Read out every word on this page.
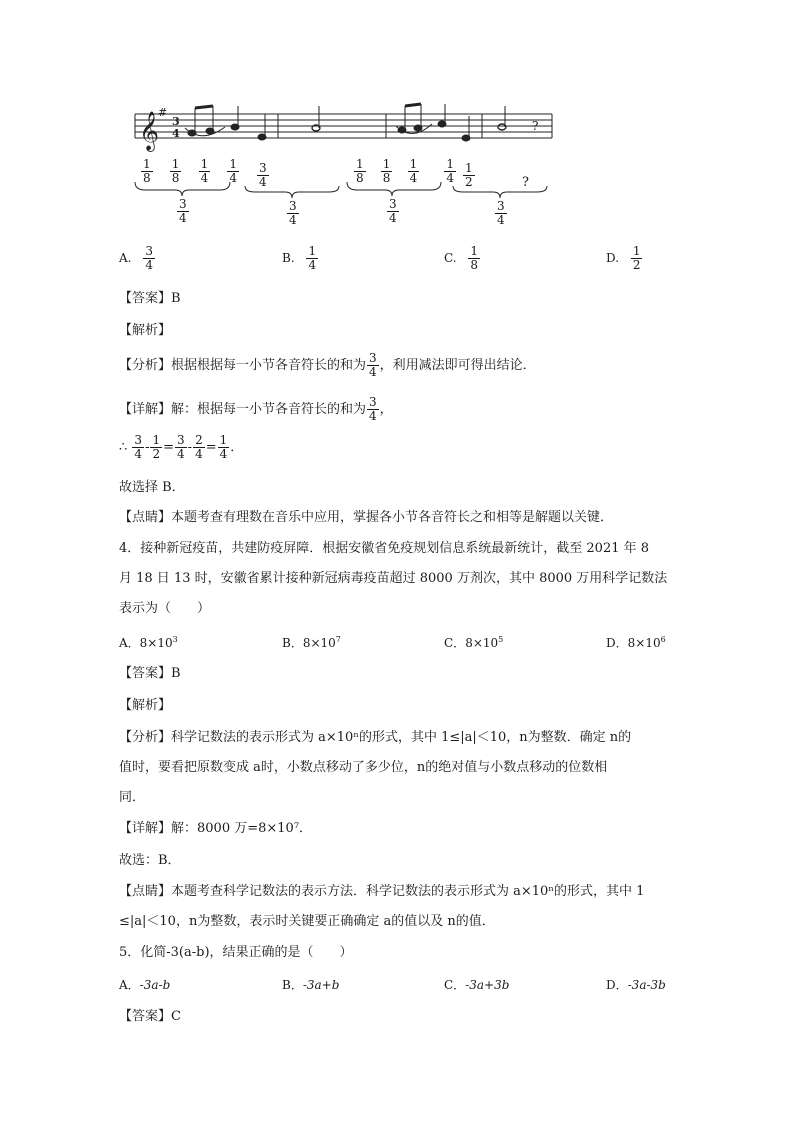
𝄞
#
3
4
?
$\frac{1}{8}$
$\frac{1}{8}$
$\frac{1}{4}$
$\frac{1}{4} \frac{3}{4}$	$\frac{1}{8}$
$\frac{1}{8}$
$\frac{1}{4}$
$\frac{1}{4} \frac{1}{2}$	?
$\frac{3}{4}$	$\frac{3}{4}$	$\frac{3}{4}$	$\frac{3}{4}$
A. $\frac{3}{4}$	B. $\frac{1}{4}$	C. $\frac{1}{8}$	D. $\frac{1}{2}$
【答案】B
【解析】
【分析】根据根据每一小节各音符长的和为 $\frac{3}{4}$ ，利用减法即可得出结论．
【详解】解：根据每一小节各音符长的和为 $\frac{3}{4}$ ，
∴ $\frac{3}{4} - \frac{1}{2} = \frac{3}{4} - \frac{2}{4} = \frac{1}{4}$ ．
故选择 B．
【点睛】本题考查有理数在音乐中应用，掌握各小节各音符长之和相等是解题以关键．
4．接种新冠疫苗，共建防疫屏障．根据安徽省免疫规划信息系统最新统计，截至 2021 年 8
月 18 日 13 时，安徽省累计接种新冠病毒疫苗超过 8000 万剂次，其中 8000 万用科学记数法
表示为（　　）
A．$8\times 10^3$	B．$8\times 10^7$	C．$8\times 10^5$	D．$8\times 10^6$
【答案】B
【解析】
【分析】科学记数法的表示形式为 a×10ⁿ的形式，其中 1≤|a|＜10，n为整数．确定 n的
值时，要看把原数变成 a时，小数点移动了多少位，n的绝对值与小数点移动的位数相
同．
【详解】解：8000 万=8×10⁷．
故选：B．
【点睛】本题考查科学记数法的表示方法．科学记数法的表示形式为 a×10ⁿ的形式，其中 1
≤|a|＜10，n为整数，表示时关键要正确确定 a的值以及 n的值．
5．化简-3(a-b)，结果正确的是（　　）
A．-3a-b	B．-3a+b	C．-3a+3b	D．-3a-3b
【答案】C
